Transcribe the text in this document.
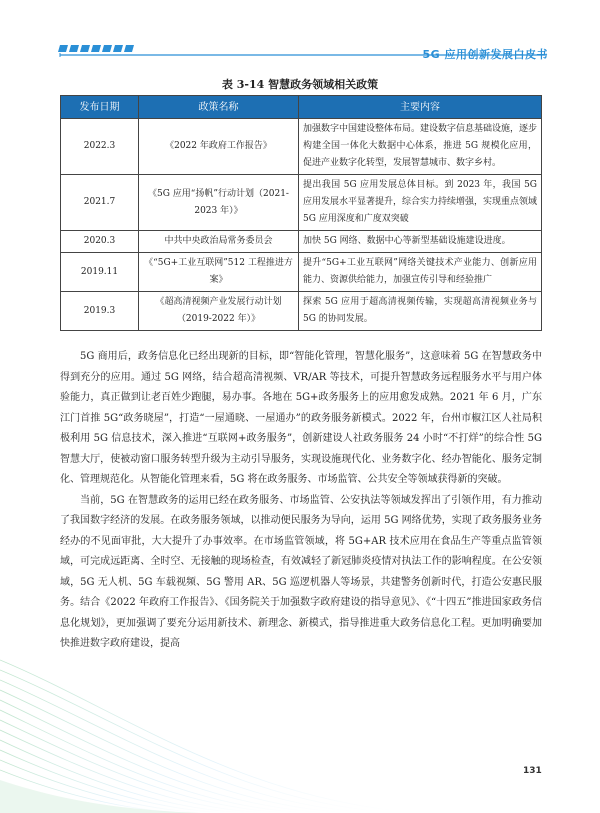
5G 应用创新发展白皮书
表 3-14 智慧政务领域相关政策
发布日期	政策名称	主要内容
2022.3	《2022 年政府工作报告》	加强数字中国建设整体布局。建设数字信息基础设施，逐步构建全国一体化大数据中心体系，推进 5G 规模化应用，促进产业数字化转型，发展智慧城市、数字乡村。
2021.7	《5G 应用“扬帆”行动计划（2021-2023 年）》	提出我国 5G 应用发展总体目标。到 2023 年，我国 5G 应用发展水平显著提升，综合实力持续增强，实现重点领域 5G 应用深度和广度双突破
2020.3	中共中央政治局常务委员会	加快 5G 网络、数据中心等新型基础设施建设进度。
2019.11	《“5G+工业互联网”512 工程推进方案》	提升“5G+工业互联网”网络关键技术产业能力、创新应用能力、资源供给能力，加强宣传引导和经验推广
2019.3	《超高清视频产业发展行动计划（2019-2022 年）》	探索 5G 应用于超高清视频传输，实现超高清视频业务与 5G 的协同发展。

5G 商用后，政务信息化已经出现新的目标，即“智能化管理，智慧化服务”，这意味着 5G 在智慧政务中得到充分的应用。通过 5G 网络，结合超高清视频、VR/AR 等技术，可提升智慧政务远程服务水平与用户体验能力，真正做到让老百姓少跑腿，易办事。各地在 5G+政务服务上的应用愈发成熟。2021 年 6 月，广东江门首推 5G“政务晓屋”，打造“一屋通晓、一屋通办”的政务服务新模式。2022 年，台州市椒江区人社局积极利用 5G 信息技术，深入推进“互联网+政务服务”，创新建设人社政务服务 24 小时“不打烊”的综合性 5G 智慧大厅，使被动窗口服务转型升级为主动引导服务，实现设施现代化、业务数字化、经办智能化、服务定制化、管理规范化。从智能化管理来看，5G 将在政务服务、市场监管、公共安全等领域获得新的突破。

当前，5G 在智慧政务的运用已经在政务服务、市场监管、公安执法等领域发挥出了引领作用，有力推动了我国数字经济的发展。在政务服务领域，以推动便民服务为导向，运用 5G 网络优势，实现了政务服务业务经办的不见面审批，大大提升了办事效率。在市场监管领域，将 5G+AR 技术应用在食品生产等重点监管领域，可完成远距离、全时空、无接触的现场检查，有效减轻了新冠肺炎疫情对执法工作的影响程度。在公安领域，5G 无人机、5G 车载视频、5G 警用 AR、5G 巡逻机器人等场景，共建警务创新时代，打造公安惠民服务。结合《2022 年政府工作报告》、《国务院关于加强数字政府建设的指导意见》、《“十四五”推进国家政务信息化规划》，更加强调了要充分运用新技术、新理念、新模式，指导推进重大政务信息化工程。更加明确要加快推进数字政府建设，提高

131
